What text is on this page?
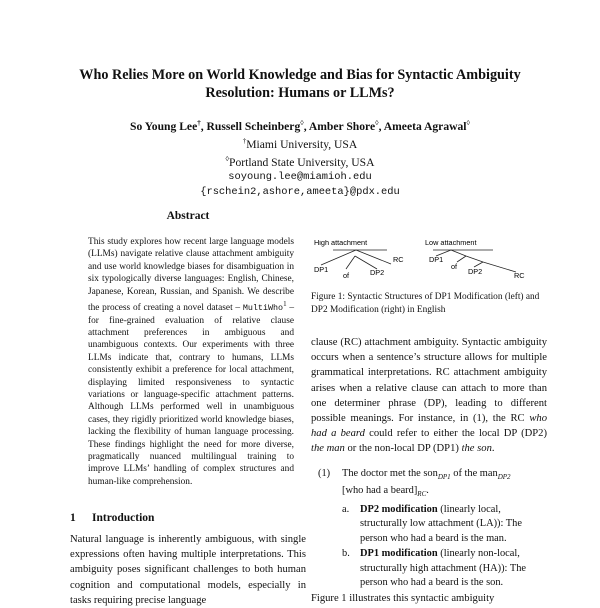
Who Relies More on World Knowledge and Bias for Syntactic Ambiguity
Resolution: Humans or LLMs?
So Young Lee†, Russell Scheinberg◊, Amber Shore◊, Ameeta Agrawal◊
†Miami University, USA
◊Portland State University, USA
soyoung.lee@miamioh.edu
{rschein2,ashore,ameeta}@pdx.edu
Abstract
This study explores how recent large language models (LLMs) navigate relative clause attachment ambiguity and use world knowledge biases for disambiguation in six typologically diverse languages: English, Chinese, Japanese, Korean, Russian, and Spanish. We describe the process of creating a novel dataset – MultiWho$^1$ – for fine-grained evaluation of relative clause attachment preferences in ambiguous and unambiguous contexts. Our experiments with three LLMs indicate that, contrary to humans, LLMs consistently exhibit a preference for local attachment, displaying limited responsiveness to syntactic variations or language-specific attachment patterns. Although LLMs performed well in unambiguous cases, they rigidly prioritized world knowledge biases, lacking the flexibility of human language processing. These findings highlight the need for more diverse, pragmatically nuanced multilingual training to improve LLMs’ handling of complex structures and human-like comprehension.
1 Introduction
Natural language is inherently ambiguous, with single expressions often having multiple interpretations. This ambiguity poses significant challenges to both human cognition and computational models, especially in tasks requiring precise language
High attachment
DP1
of	DP2
RC
Low attachment
DP1
of
DP2	RC
Figure 1: Syntactic Structures of DP1 Modification (left) and DP2 Modification (right) in English
clause (RC) attachment ambiguity. Syntactic ambiguity occurs when a sentence’s structure allows for multiple grammatical interpretations. RC attachment ambiguity arises when a relative clause can attach to more than one determiner phrase (DP), leading to different possible meanings. For instance, in (1), the RC who had a beard could refer to either the local DP (DP2) the man or the non-local DP (DP1) the son.
(1) The doctor met the son$_{DP1}$ of the man$_{DP2}$
[who had a $beard]_{RC}$.
a. DP2 modification (linearly local, structurally low attachment (LA)): The person who had a beard is the man.
b. DP1 modification (linearly non-local, structurally high attachment (HA)): The person who had a beard is the son.
Figure 1 illustrates this syntactic ambiguity
